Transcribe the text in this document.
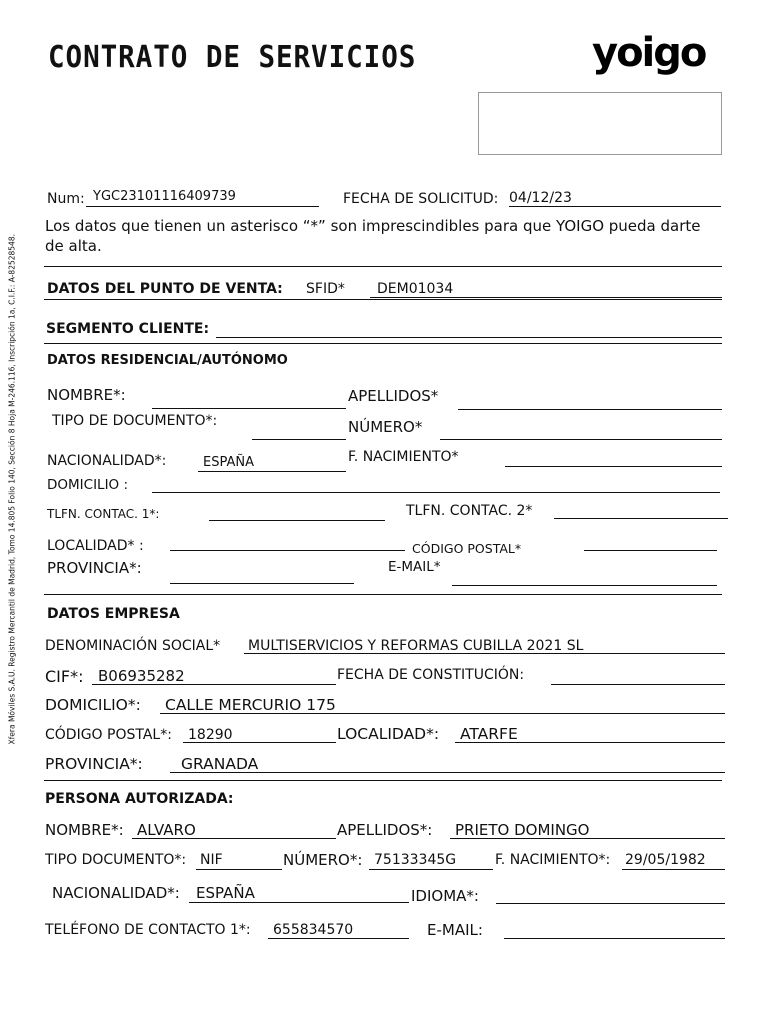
CONTRATO DE SERVICIOS	yoigo
Xfera Móviles S.A.U. Registro Mercantil de Madrid, Tomo 14.805 Folio 140, Sección 8 Hoja M-246.116, Inscripción 1a, C.I.F.: A-82528548.
Num: YGC23101116409739	FECHA DE SOLICITUD: 04/12/23
Los datos que tienen un asterisco “*” son imprescindibles para que YOIGO pueda darte
de alta.
DATOS DEL PUNTO DE VENTA: SFID* DEM01034
SEGMENTO CLIENTE:
DATOS RESIDENCIAL/AUTÓNOMO
NOMBRE*:	APELLIDOS*
TIPO DE DOCUMENTO*:	NÚMERO*
NACIONALIDAD*:	ESPAÑA	F. NACIMIENTO*
DOMICILIO :
TLFN. CONTAC. 1*:	TLFN. CONTAC. 2*
LOCALIDAD* :	CÓDIGO POSTAL*
PROVINCIA*:	E-MAIL*
DATOS EMPRESA
DENOMINACIÓN SOCIAL* MULTISERVICIOS Y REFORMAS CUBILLA 2021 SL
CIF*: B06935282	FECHA DE CONSTITUCIÓN:
DOMICILIO*: CALLE MERCURIO 175
CÓDIGO POSTAL*: 18290	LOCALIDAD*: ATARFE
PROVINCIA*: GRANADA
PERSONA AUTORIZADA:
NOMBRE*: ALVARO	APELLIDOS*: PRIETO DOMINGO
TIPO DOCUMENTO*: NIF	NÚMERO*: 75133345G	F. NACIMIENTO*: 29/05/1982
NACIONALIDAD*: ESPAÑA	IDIOMA*:
TELÉFONO DE CONTACTO 1*: 655834570	E-MAIL:
